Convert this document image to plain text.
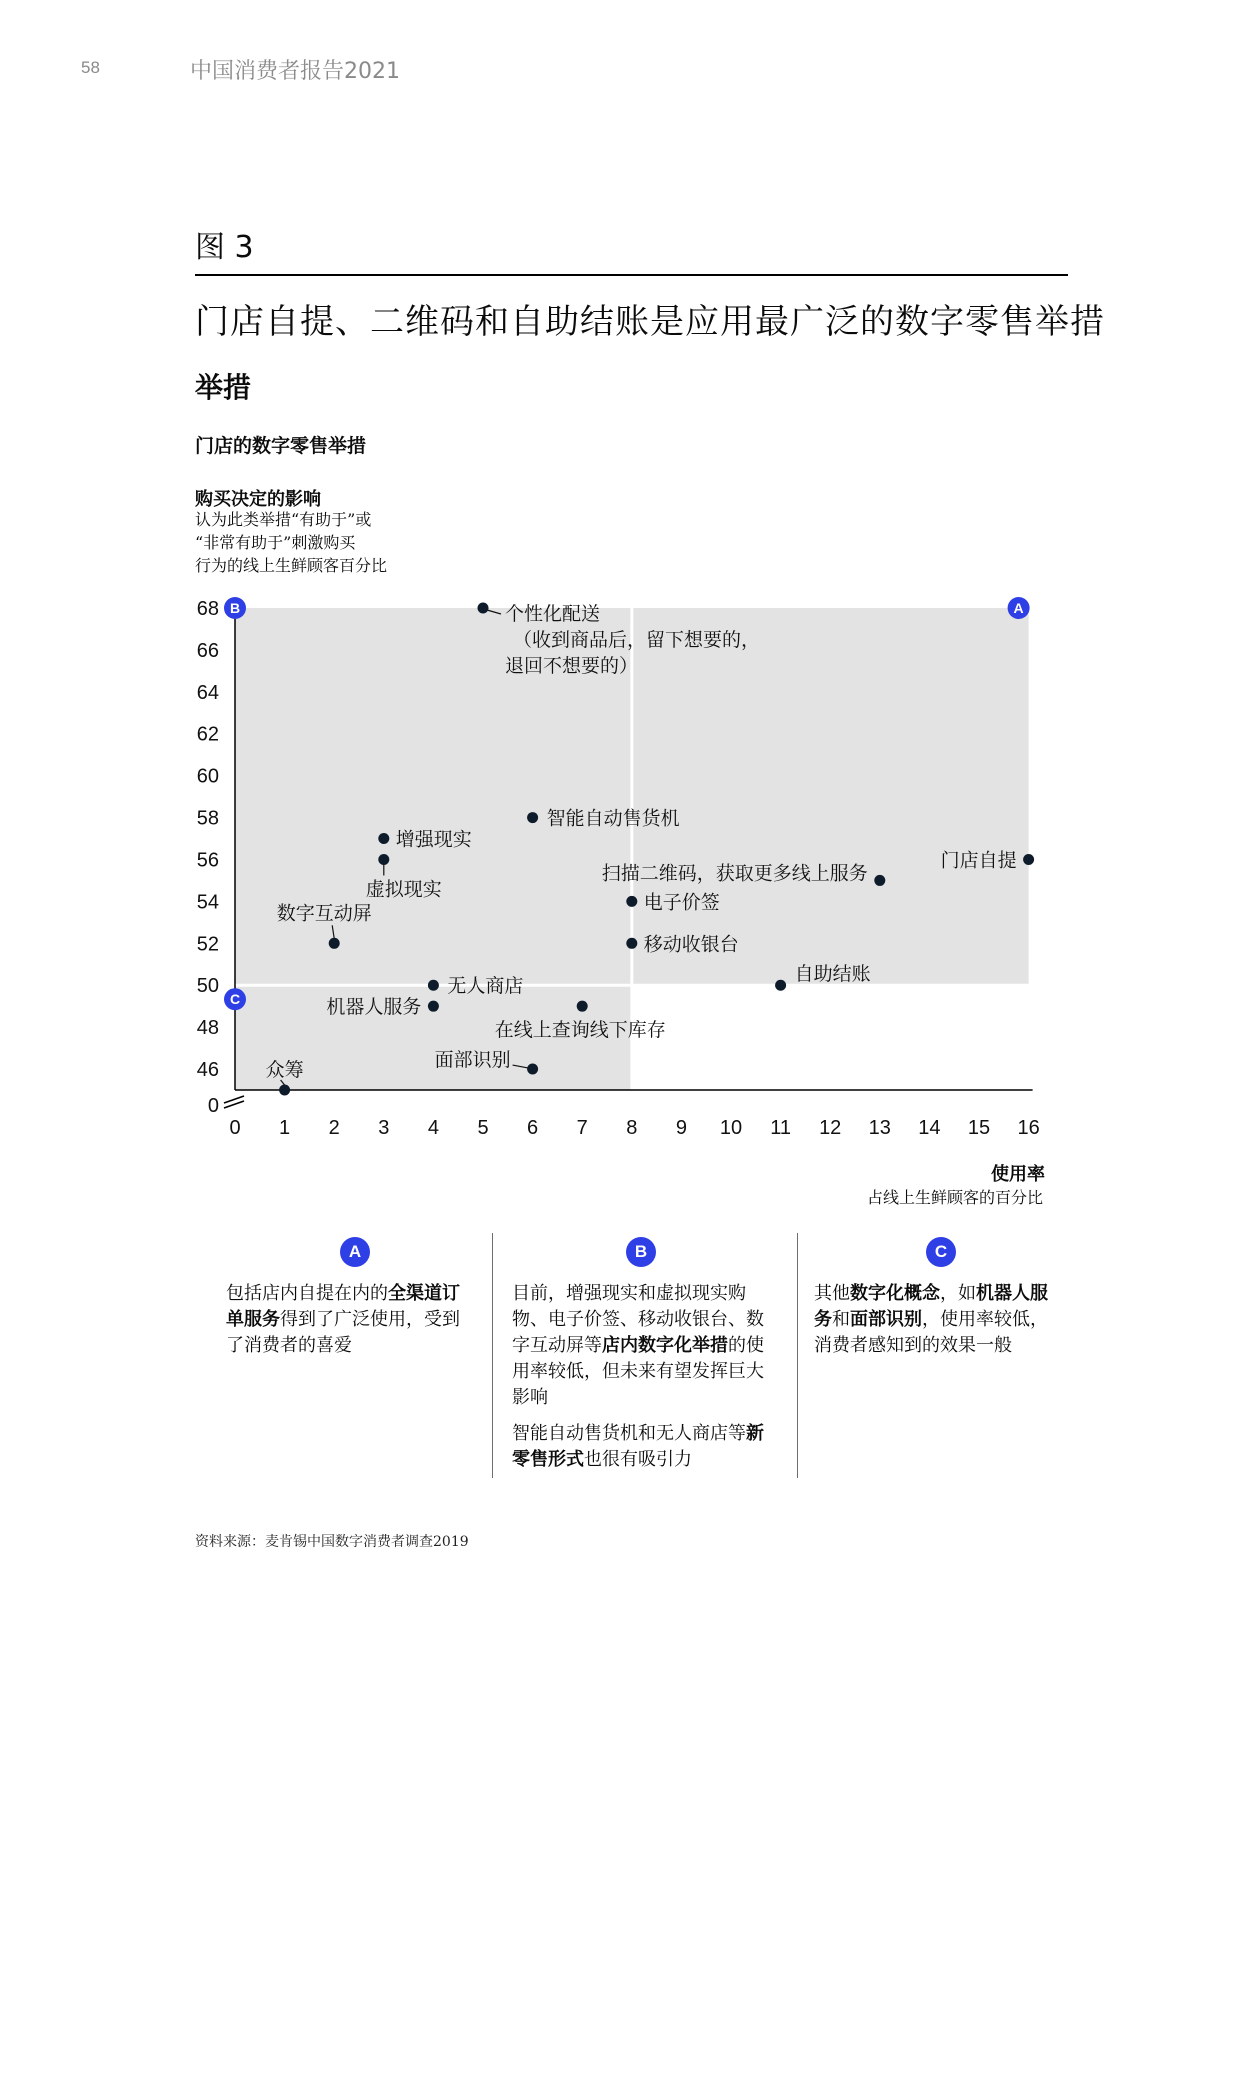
58	中国消费者报告2021
图 3
门店自提、二维码和自助结账是应用最广泛的数字零售举措
举措
门店的数字零售举措
购买决定的影响
认为此类举措“有助于”或
“非常有助于”刺激购买
行为的线上生鲜顾客百分比
0
46
48
50
52
54
56
58
60
62
64
66
68
0 1 2 3 4 5 6 7 8 9 10 11 12 13 14 15 16
B	A
C
个性化配送
（收到商品后，留下想要的，
退回不想要的）
智能自动售货机
增强现实
虚拟现实
门店自提
扫描二维码，获取更多线上服务
电子价签
数字互动屏
移动收银台
无人商店
自助结账
机器人服务
在线上查询线下库存
面部识别
众筹
使用率
占线上生鲜顾客的百分比
A

包括店内自提在内的全渠道订单服务得到了广泛使用，受到了消费者的喜爱

B

目前，增强现实和虚拟现实购物、电子价签、移动收银台、数字互动屏等店内数字化举措的使用率较低，但未来有望发挥巨大影响

智能自动售货机和无人商店等新零售形式也很有吸引力

C

其他数字化概念，如机器人服务和面部识别，使用率较低，消费者感知到的效果一般

资料来源：麦肯锡中国数字消费者调查2019
